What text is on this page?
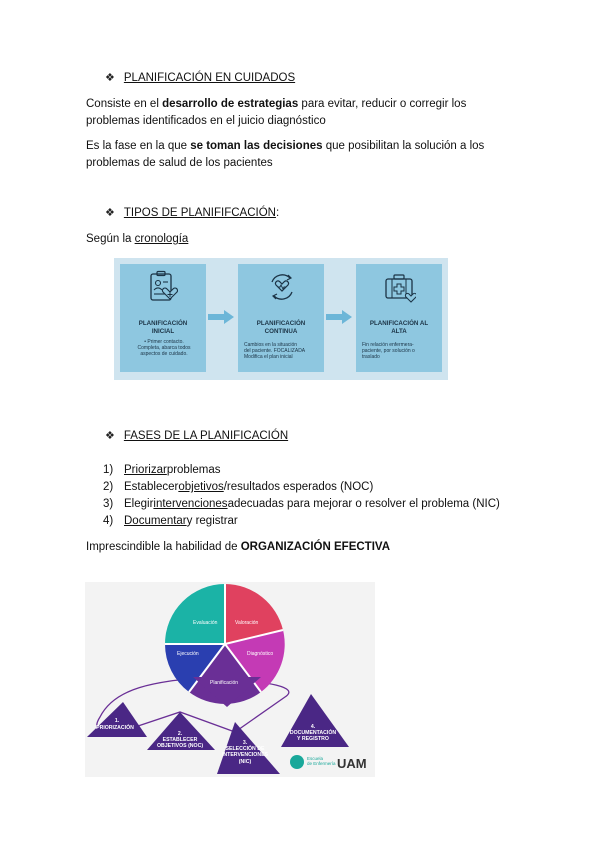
❖ PLANIFICACIÓN EN CUIDADOS
Consiste en el desarrollo de estrategias para evitar, reducir o corregir los
problemas identificados en el juicio diagnóstico
Es la fase en la que se toman las decisiones que posibilitan la solución a los
problemas de salud de los pacientes
❖ TIPOS DE PLANIFIFCACIÓN :
Según la cronología
PLANIFICACIÓN
INICIAL
• Primer contacto.
Completa, abarca todos
aspectos de cuidado.
PLANIFICACIÓN
CONTINUA
Cambios en la situación
del paciente. FOCALIZADA
Modifica el plan inicial
PLANIFICACIÓN AL
ALTA
Fin relación enfermera-
paciente, por solución o
traslado
❖ FASES DE LA PLANIFICACIÓN
1) Priorizar problemas
2) Establecer objetivos /resultados esperados (NOC)
3) Elegir intervenciones adecuadas para mejorar o resolver el problema (NIC)
4) Documentar y registrar
Imprescindible la habilidad de ORGANIZACIÓN EFECTIVA
Evaluación	Valoración
Diagnóstico
Planificación
Ejecución
1.
PRIORIZACIÓN
2.
ESTABLECER
OBJETIVOS (NOC)	3.
SELECCIÓN DE
INTERVENCIONES
(NIC)
4.
DOCUMENTACIÓN
Y REGISTRO
Escuela
de Enfermería UAM
